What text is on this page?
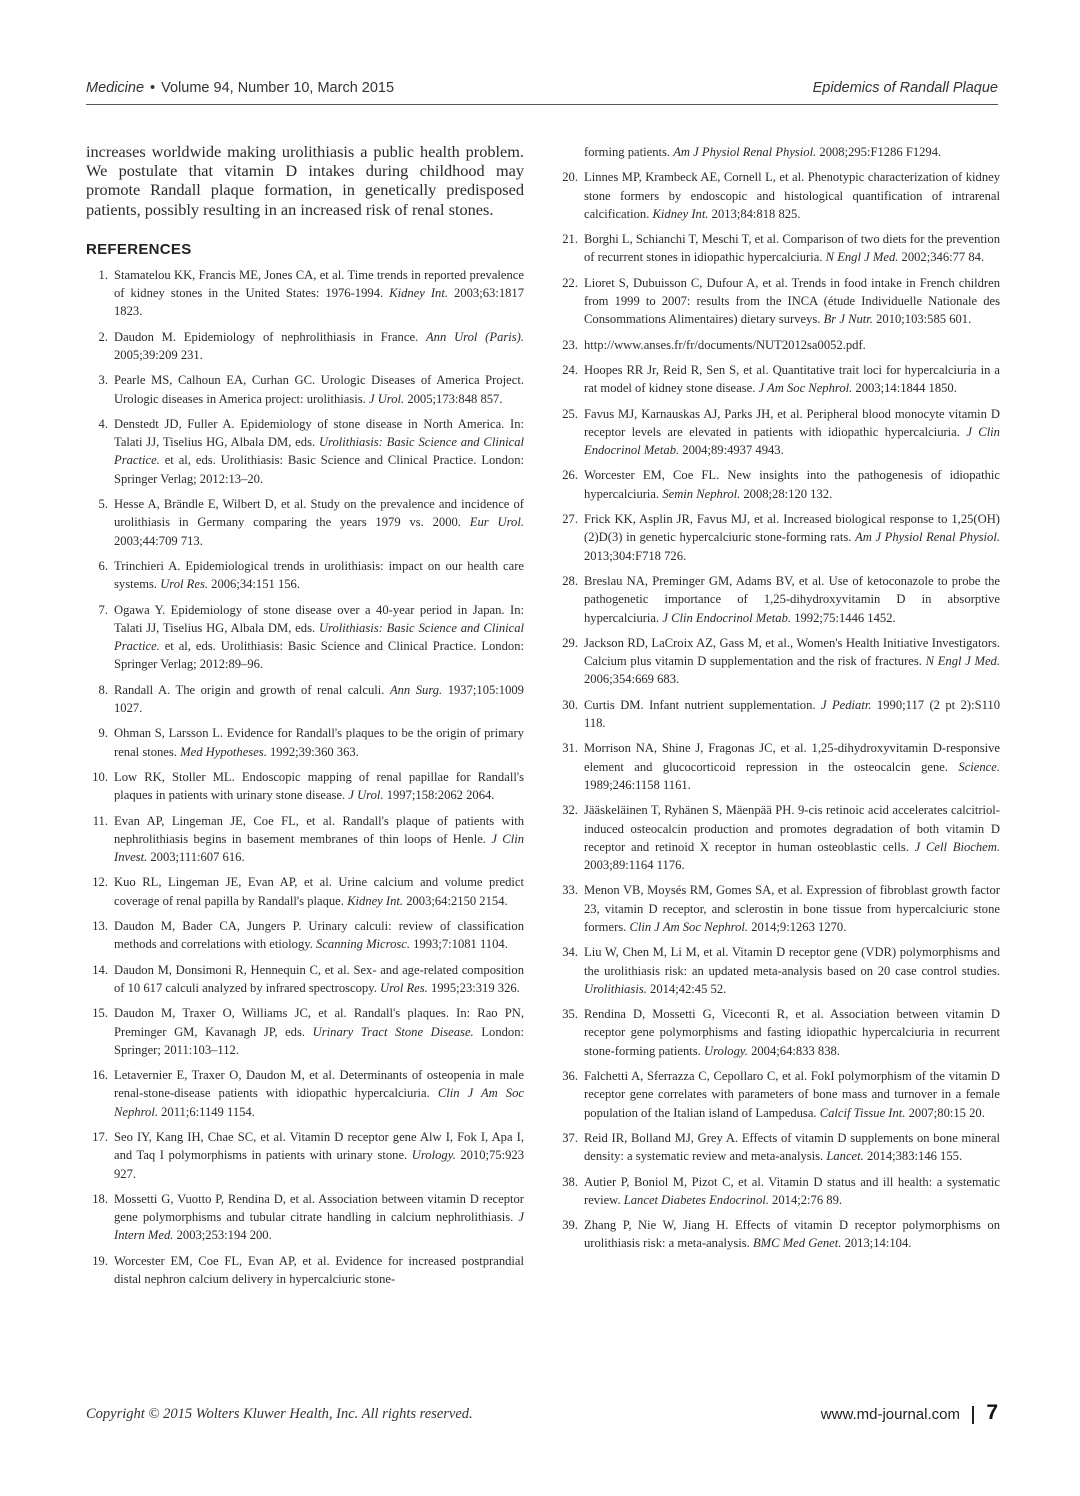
Medicine • Volume 94, Number 10, March 2015	Epidemics of Randall Plaque

increases worldwide making urolithiasis a public health problem. We postulate that vitamin D intakes during childhood may promote Randall plaque formation, in genetically predisposed patients, possibly resulting in an increased risk of renal stones.

REFERENCES
1. Stamatelou KK, Francis ME, Jones CA, et al. Time trends in reported prevalence of kidney stones in the United States: 1976-1994. Kidney Int. 2003;63:1817 1823.
2. Daudon M. Epidemiology of nephrolithiasis in France. Ann Urol (Paris). 2005;39:209 231.
3. Pearle MS, Calhoun EA, Curhan GC. Urologic Diseases of America Project. Urologic diseases in America project: urolithiasis. J Urol. 2005;173:848 857.
4. Denstedt JD, Fuller A. Epidemiology of stone disease in North America. In: Talati JJ, Tiselius HG, Albala DM, eds. Urolithiasis: Basic Science and Clinical Practice. et al, eds. Urolithiasis: Basic Science and Clinical Practice. London: Springer Verlag; 2012:13–20.
5. Hesse A, Brändle E, Wilbert D, et al. Study on the prevalence and incidence of urolithiasis in Germany comparing the years 1979 vs. 2000. Eur Urol. 2003;44:709 713.
6. Trinchieri A. Epidemiological trends in urolithiasis: impact on our health care systems. Urol Res. 2006;34:151 156.
7. Ogawa Y. Epidemiology of stone disease over a 40-year period in Japan. In: Talati JJ, Tiselius HG, Albala DM, eds. Urolithiasis: Basic Science and Clinical Practice. et al, eds. Urolithiasis: Basic Science and Clinical Practice. London: Springer Verlag; 2012:89–96.
8. Randall A. The origin and growth of renal calculi. Ann Surg. 1937;105:1009 1027.
9. Ohman S, Larsson L. Evidence for Randall's plaques to be the origin of primary renal stones. Med Hypotheses. 1992;39:360 363.
10. Low RK, Stoller ML. Endoscopic mapping of renal papillae for Randall's plaques in patients with urinary stone disease. J Urol. 1997;158:2062 2064.
11. Evan AP, Lingeman JE, Coe FL, et al. Randall's plaque of patients with nephrolithiasis begins in basement membranes of thin loops of Henle. J Clin Invest. 2003;111:607 616.
12. Kuo RL, Lingeman JE, Evan AP, et al. Urine calcium and volume predict coverage of renal papilla by Randall's plaque. Kidney Int. 2003;64:2150 2154.
13. Daudon M, Bader CA, Jungers P. Urinary calculi: review of classification methods and correlations with etiology. Scanning Microsc. 1993;7:1081 1104.
14. Daudon M, Donsimoni R, Hennequin C, et al. Sex- and age-related composition of 10 617 calculi analyzed by infrared spectroscopy. Urol Res. 1995;23:319 326.
15. Daudon M, Traxer O, Williams JC, et al. Randall's plaques. In: Rao PN, Preminger GM, Kavanagh JP, eds. Urinary Tract Stone Disease. London: Springer; 2011:103–112.
16. Letavernier E, Traxer O, Daudon M, et al. Determinants of osteopenia in male renal-stone-disease patients with idiopathic hypercalciuria. Clin J Am Soc Nephrol. 2011;6:1149 1154.
17. Seo IY, Kang IH, Chae SC, et al. Vitamin D receptor gene Alw I, Fok I, Apa I, and Taq I polymorphisms in patients with urinary stone. Urology. 2010;75:923 927.
18. Mossetti G, Vuotto P, Rendina D, et al. Association between vitamin D receptor gene polymorphisms and tubular citrate handling in calcium nephrolithiasis. J Intern Med. 2003;253:194 200.
19. Worcester EM, Coe FL, Evan AP, et al. Evidence for increased postprandial distal nephron calcium delivery in hypercalciuric stone-
forming patients. Am J Physiol Renal Physiol. 2008;295:F1286 F1294.
20. Linnes MP, Krambeck AE, Cornell L, et al. Phenotypic characterization of kidney stone formers by endoscopic and histological quantification of intrarenal calcification. Kidney Int. 2013;84:818 825.
21. Borghi L, Schianchi T, Meschi T, et al. Comparison of two diets for the prevention of recurrent stones in idiopathic hypercalciuria. N Engl J Med. 2002;346:77 84.
22. Lioret S, Dubuisson C, Dufour A, et al. Trends in food intake in French children from 1999 to 2007: results from the INCA (étude Individuelle Nationale des Consommations Alimentaires) dietary surveys. Br J Nutr. 2010;103:585 601.
23. http://www.anses.fr/fr/documents/NUT2012sa0052.pdf.
24. Hoopes RR Jr, Reid R, Sen S, et al. Quantitative trait loci for hypercalciuria in a rat model of kidney stone disease. J Am Soc Nephrol. 2003;14:1844 1850.
25. Favus MJ, Karnauskas AJ, Parks JH, et al. Peripheral blood monocyte vitamin D receptor levels are elevated in patients with idiopathic hypercalciuria. J Clin Endocrinol Metab. 2004;89:4937 4943.
26. Worcester EM, Coe FL. New insights into the pathogenesis of idiopathic hypercalciuria. Semin Nephrol. 2008;28:120 132.
27. Frick KK, Asplin JR, Favus MJ, et al. Increased biological response to 1,25(OH)(2)D(3) in genetic hypercalciuric stone-forming rats. Am J Physiol Renal Physiol. 2013;304:F718 726.
28. Breslau NA, Preminger GM, Adams BV, et al. Use of ketoconazole to probe the pathogenetic importance of 1,25-dihydroxyvitamin D in absorptive hypercalciuria. J Clin Endocrinol Metab. 1992;75:1446 1452.
29. Jackson RD, LaCroix AZ, Gass M, et al., Women's Health Initiative Investigators. Calcium plus vitamin D supplementation and the risk of fractures. N Engl J Med. 2006;354:669 683.
30. Curtis DM. Infant nutrient supplementation. J Pediatr. 1990;117 (2 pt 2):S110 118.
31. Morrison NA, Shine J, Fragonas JC, et al. 1,25-dihydroxyvitamin D-responsive element and glucocorticoid repression in the osteocalcin gene. Science. 1989;246:1158 1161.
32. Jääskeläinen T, Ryhänen S, Mäenpää PH. 9-cis retinoic acid accelerates calcitriol-induced osteocalcin production and promotes degradation of both vitamin D receptor and retinoid X receptor in human osteoblastic cells. J Cell Biochem. 2003;89:1164 1176.
33. Menon VB, Moysés RM, Gomes SA, et al. Expression of fibroblast growth factor 23, vitamin D receptor, and sclerostin in bone tissue from hypercalciuric stone formers. Clin J Am Soc Nephrol. 2014;9:1263 1270.
34. Liu W, Chen M, Li M, et al. Vitamin D receptor gene (VDR) polymorphisms and the urolithiasis risk: an updated meta-analysis based on 20 case control studies. Urolithiasis. 2014;42:45 52.
35. Rendina D, Mossetti G, Viceconti R, et al. Association between vitamin D receptor gene polymorphisms and fasting idiopathic hypercalciuria in recurrent stone-forming patients. Urology. 2004;64:833 838.
36. Falchetti A, Sferrazza C, Cepollaro C, et al. FokI polymorphism of the vitamin D receptor gene correlates with parameters of bone mass and turnover in a female population of the Italian island of Lampedusa. Calcif Tissue Int. 2007;80:15 20.
37. Reid IR, Bolland MJ, Grey A. Effects of vitamin D supplements on bone mineral density: a systematic review and meta-analysis. Lancet. 2014;383:146 155.
38. Autier P, Boniol M, Pizot C, et al. Vitamin D status and ill health: a systematic review. Lancet Diabetes Endocrinol. 2014;2:76 89.
39. Zhang P, Nie W, Jiang H. Effects of vitamin D receptor polymorphisms on urolithiasis risk: a meta-analysis. BMC Med Genet. 2013;14:104.
Copyright © 2015 Wolters Kluwer Health, Inc. All rights reserved.	www.md-journal.com 7
